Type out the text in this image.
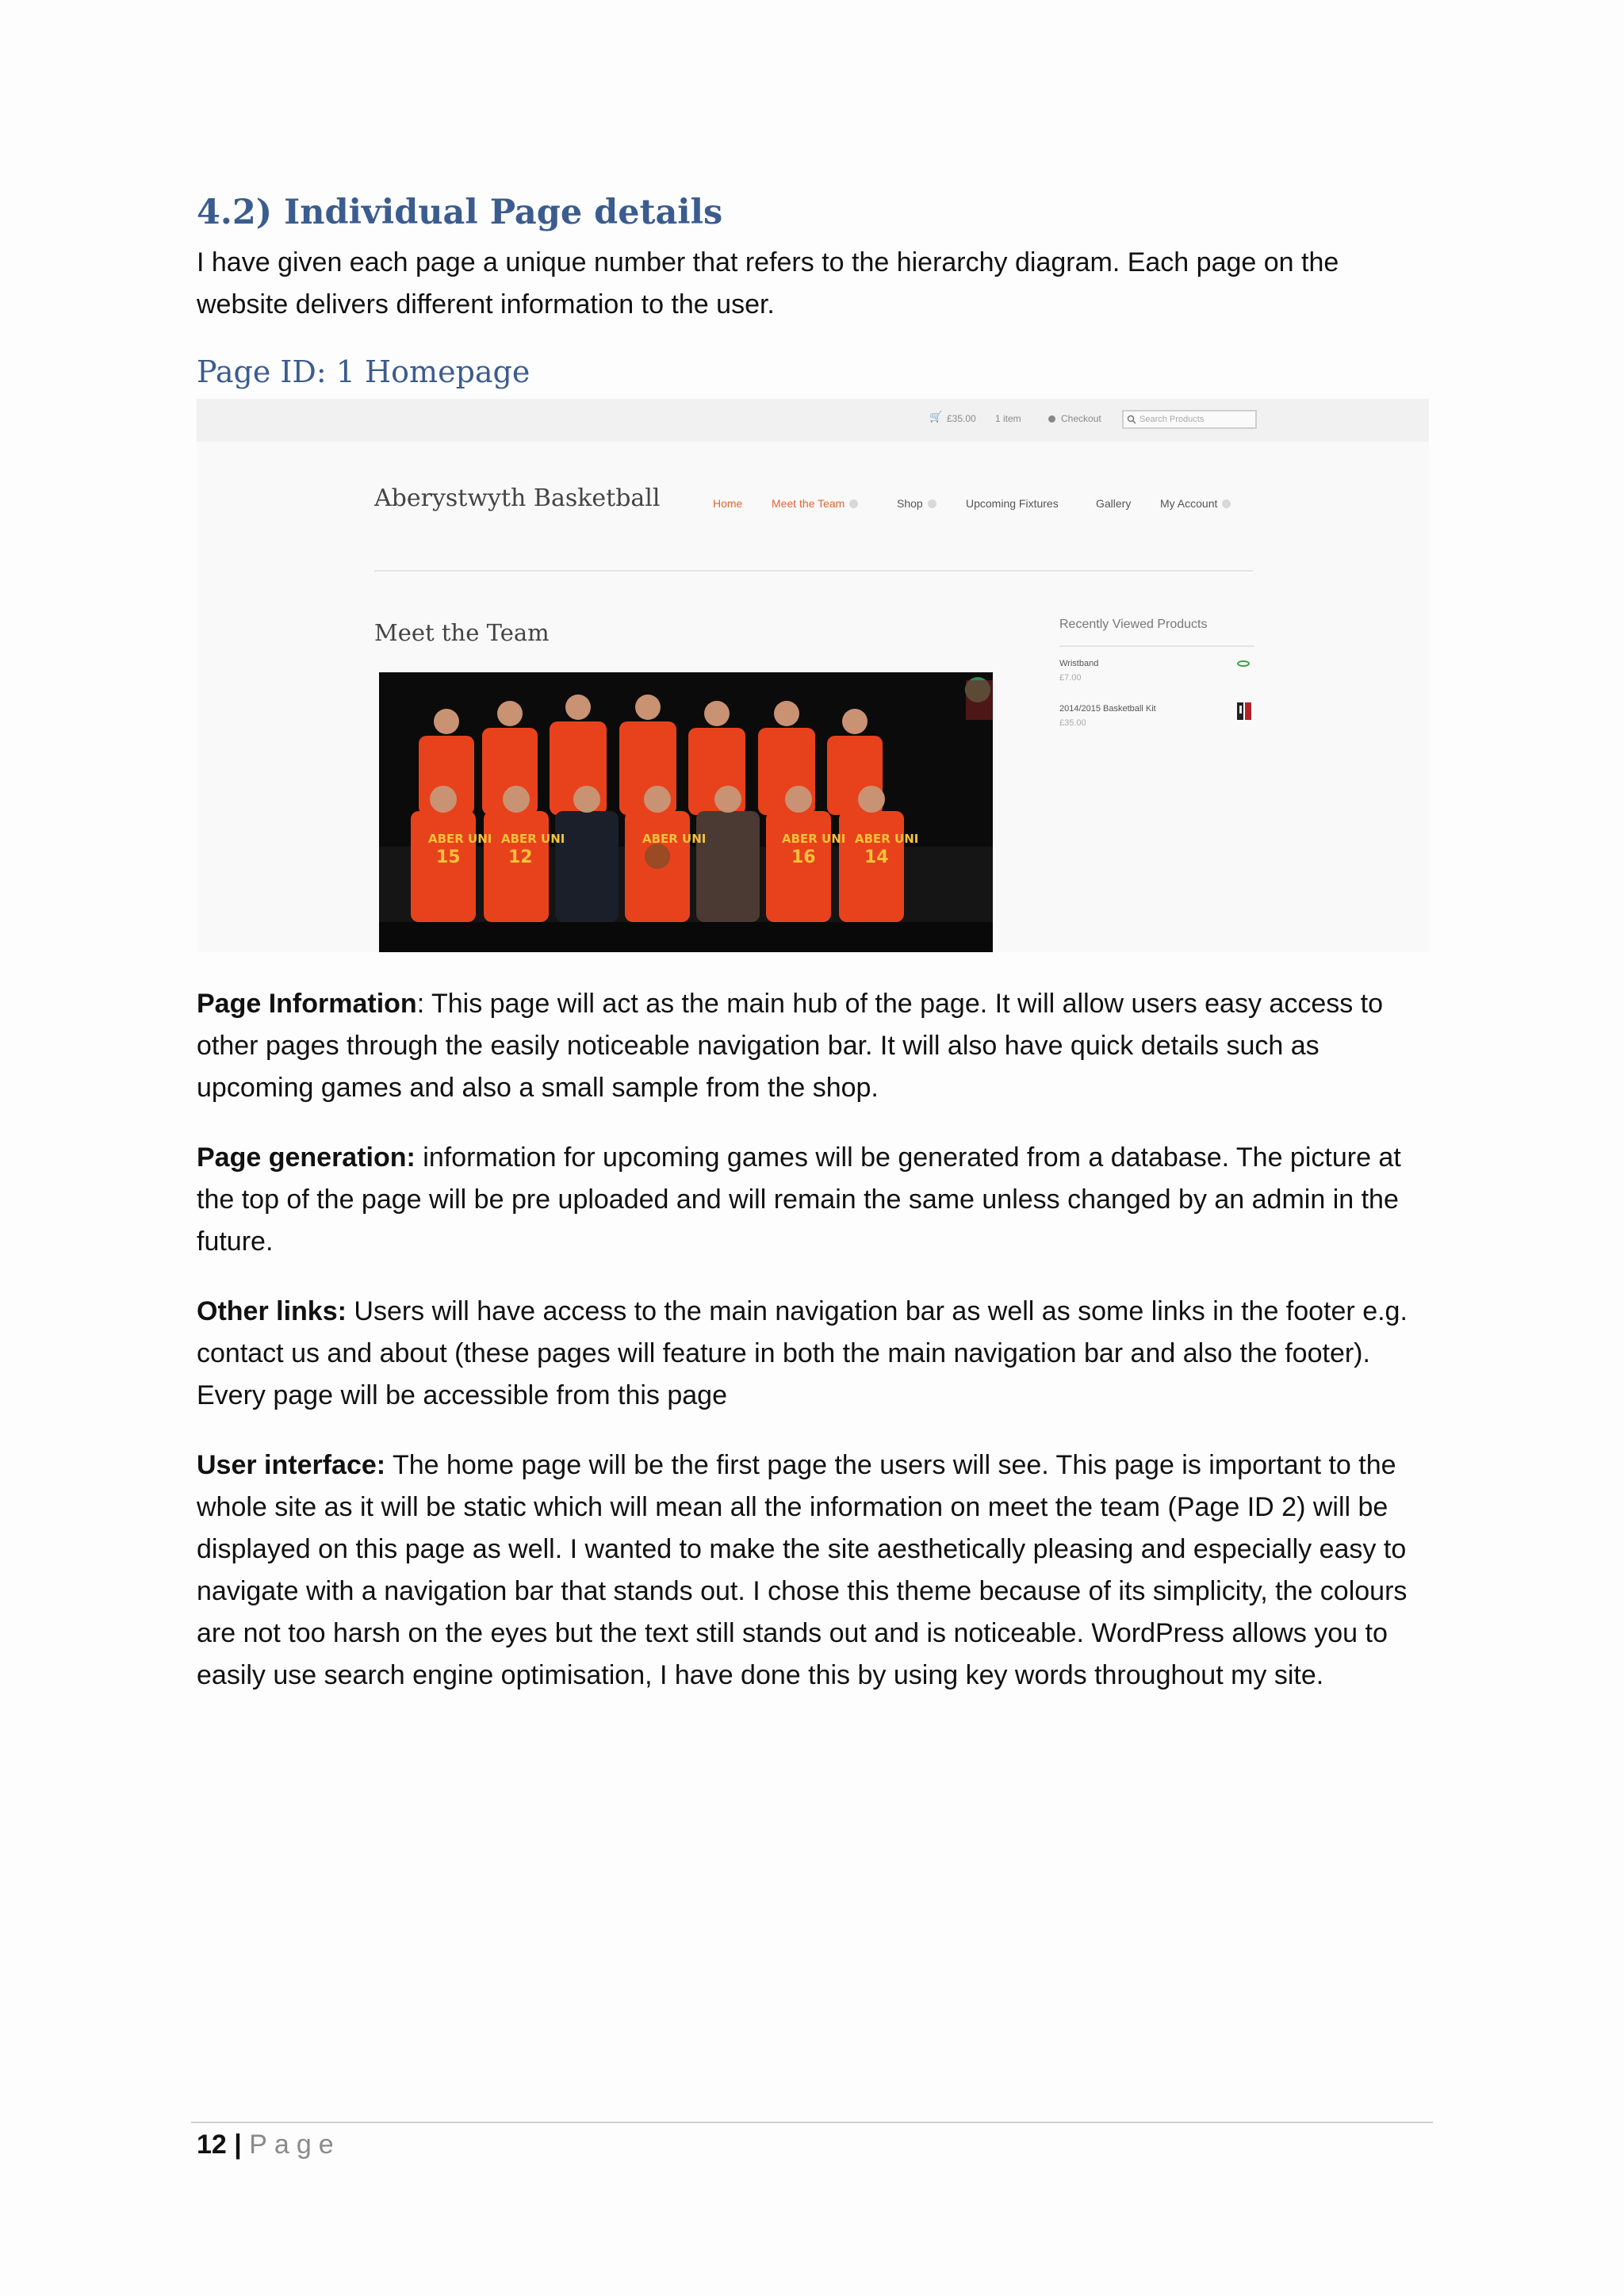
4.2) Individual Page details
I have given each page a unique number that refers to the hierarchy diagram. Each page on the website delivers different information to the user.
Page ID: 1 Homepage
🛒 £35.00 1 item	Checkout	Search Products
Aberystwyth Basketball	Home	Meet the Team	Shop	Upcoming Fixtures	Gallery	My Account
Meet the Team
ABER UNI ABER UNI	ABER UNI	ABER UNI ABER UNI
15	12	16	14
Recently Viewed Products
Wristband
£7.00
2014/2015 Basketball Kit
£35.00
Page Information: This page will act as the main hub of the page. It will allow users easy access to other pages through the easily noticeable navigation bar. It will also have quick details such as upcoming games and also a small sample from the shop.
Page generation: information for upcoming games will be generated from a database. The picture at the top of the page will be pre uploaded and will remain the same unless changed by an admin in the future.
Other links: Users will have access to the main navigation bar as well as some links in the footer e.g. contact us and about (these pages will feature in both the main navigation bar and also the footer). Every page will be accessible from this page
User interface: The home page will be the first page the users will see. This page is important to the whole site as it will be static which will mean all the information on meet the team (Page ID 2) will be displayed on this page as well. I wanted to make the site aesthetically pleasing and especially easy to navigate with a navigation bar that stands out. I chose this theme because of its simplicity, the colours are not too harsh on the eyes but the text still stands out and is noticeable. WordPress allows you to easily use search engine optimisation, I have done this by using key words throughout my site.
12 | Page
